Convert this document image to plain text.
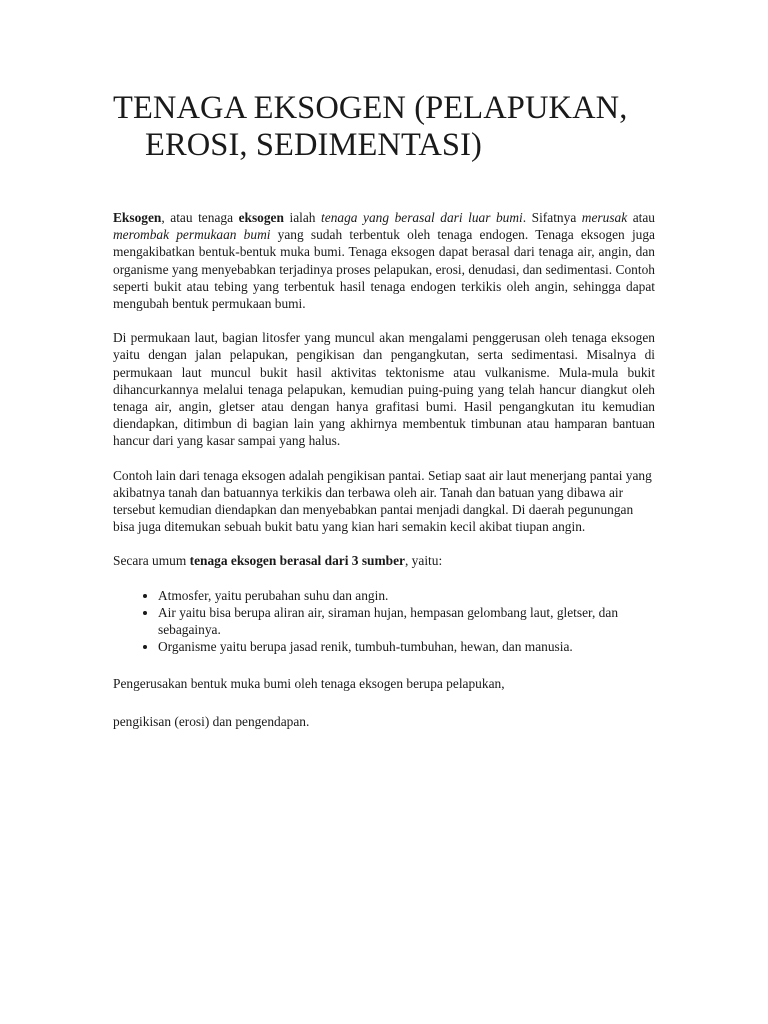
TENAGA EKSOGEN (PELAPUKAN,

EROSI, SEDIMENTASI)

Eksogen, atau tenaga eksogen ialah tenaga yang berasal dari luar bumi. Sifatnya merusak atau merombak permukaan bumi yang sudah terbentuk oleh tenaga endogen. Tenaga eksogen juga mengakibatkan bentuk-bentuk muka bumi. Tenaga eksogen dapat berasal dari tenaga air, angin, dan organisme yang menyebabkan terjadinya proses pelapukan, erosi, denudasi, dan sedimentasi. Contoh seperti bukit atau tebing yang terbentuk hasil tenaga endogen terkikis oleh angin, sehingga dapat mengubah bentuk permukaan bumi.

Di permukaan laut, bagian litosfer yang muncul akan mengalami penggerusan oleh tenaga eksogen yaitu dengan jalan pelapukan, pengikisan dan pengangkutan, serta sedimentasi. Misalnya di permukaan laut muncul bukit hasil aktivitas tektonisme atau vulkanisme. Mula-mula bukit dihancurkannya melalui tenaga pelapukan, kemudian puing-puing yang telah hancur diangkut oleh tenaga air, angin, gletser atau dengan hanya grafitasi bumi. Hasil pengangkutan itu kemudian diendapkan, ditimbun di bagian lain yang akhirnya membentuk timbunan atau hamparan bantuan hancur dari yang kasar sampai yang halus.

Contoh lain dari tenaga eksogen adalah pengikisan pantai. Setiap saat air laut menerjang pantai yang akibatnya tanah dan batuannya terkikis dan terbawa oleh air. Tanah dan batuan yang dibawa air tersebut kemudian diendapkan dan menyebabkan pantai menjadi dangkal. Di daerah pegunungan bisa juga ditemukan sebuah bukit batu yang kian hari semakin kecil akibat tiupan angin.

Secara umum tenaga eksogen berasal dari 3 sumber, yaitu:

• Atmosfer, yaitu perubahan suhu dan angin.
• Air yaitu bisa berupa aliran air, siraman hujan, hempasan gelombang laut, gletser, dan sebagainya.
• Organisme yaitu berupa jasad renik, tumbuh-tumbuhan, hewan, dan manusia.

Pengerusakan bentuk muka bumi oleh tenaga eksogen berupa pelapukan,

pengikisan (erosi) dan pengendapan.
